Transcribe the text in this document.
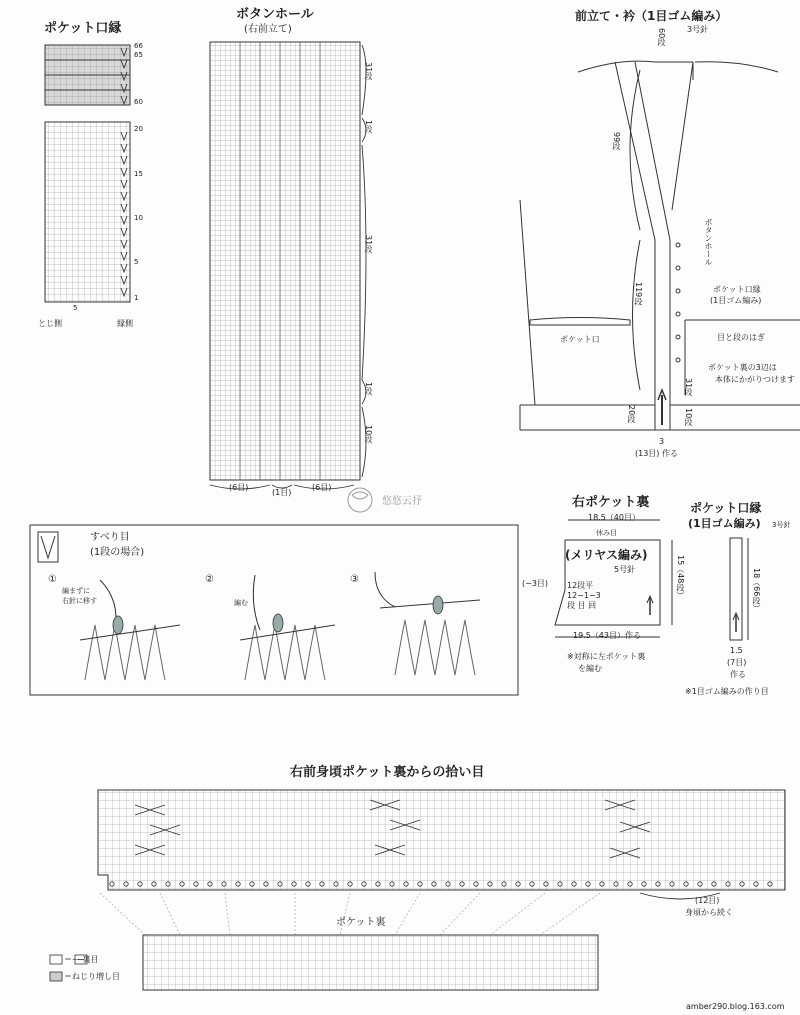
ポケット口縁
66
65
60
20
15
10
5
1
5
とじ側	縁側
ボタンホール
(右前立て)
31段
1段
31段
1段
10段
(6目)
(1目)
(6目)
前立て・衿（1目ゴム編み）
3号針
60段
99段
119段
ボタンホール
ポケット口縁
(1目ゴム編み)
目と段のはぎ
ポケット裏の3辺は
本体にかがりつけます
ポケット口
20段
31段
10段
3
(13目) 作る
すべり目
(1段の場合)
①
編まずに
右針に移す
②
編む
③
右ポケット裏
18.5（40目）
休み目
(メリヤス編み)
5号針	15（48段）
(−3目) 12段平
12−1−3
段 目 回
19.5（43目）作る
※対称に左ポケット裏
を編む
ポケット口縁
(1目ゴム編み) 3号針
18（66段）
1.5
(7目)
作る
※1目ゴム編みの作り目
右前身頃ポケット裏からの拾い目
(12目)
身頃から続く
ポケット裏
＝ー 裏目
＝ねじり増し目
悠悠云抒
amber290.blog.163.com
